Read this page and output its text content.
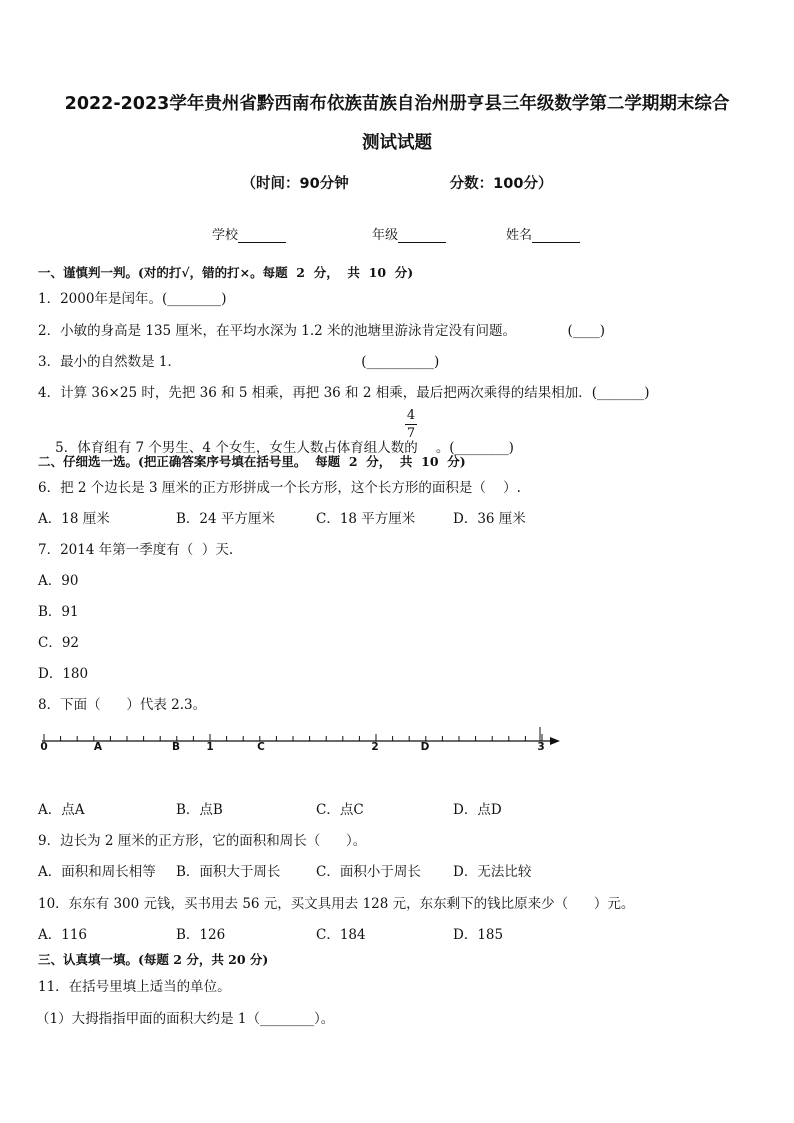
2022-2023学年贵州省黔西南布依族苗族自治州册亨县三年级数学第二学期期末综合
测试试题
（时间：90分钟                    分数：100分）
学校	年级	姓名
一、谨慎判一判。(对的打√，错的打×。每题  2  分，  共  10  分)
1．2000年是闰年。(________)
2．小敏的身高是 135 厘米，在平均水深为 1.2 米的池塘里游泳肯定没有问题。            (____)
3．最小的自然数是 1．                                          (__________)
4．计算 36×25 时，先把 36 和 5 相乘，再把 36 和 2 相乘，最后把两次乘得的结果相加．(_______)

5．体育组有 7 个男生、4 个女生，女生人数占体育组人数的 。(________)

4
7
二、仔细选一选。(把正确答案序号填在括号里。  每题  2  分，  共  10  分)
6．把 2 个边长是 3 厘米的正方形拼成一个长方形，这个长方形的面积是（    ）.
A．18 厘米	B．24 平方厘米	C．18 平方厘米	D．36 厘米
7．2014 年第一季度有（  ）天.
A．90
B．91
C．92
D．180
8．下面（      ）代表 2.3。
0	A	B	1	C	2	D	3
A．点A	B．点B	C．点C	D．点D
9．边长为 2 厘米的正方形，它的面积和周长（      ）。
A．面积和周长相等 B．面积大于周长	C．面积小于周长 D．无法比较
10．东东有 300 元钱，买书用去 56 元，买文具用去 128 元，东东剩下的钱比原来少（      ）元。
A．116	B．126	C．184	D．185
三、认真填一填。(每题 2 分，共 20 分)
11．在括号里填上适当的单位。
（1）大拇指指甲面的面积大约是 1（________）。
